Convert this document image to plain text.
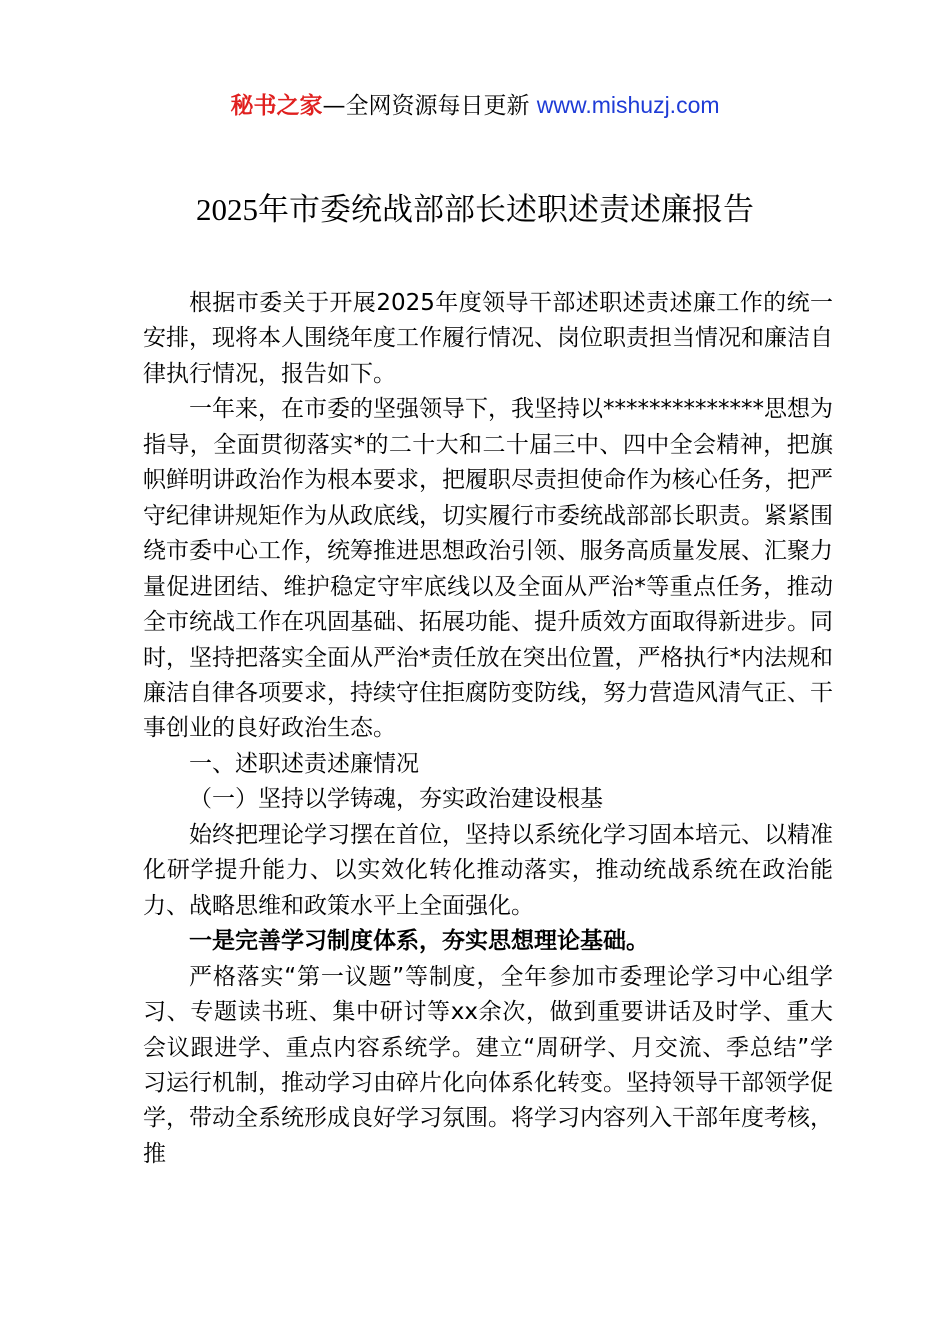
秘书之家—全网资源每日更新 www.mishuzj.com
2025年市委统战部部长述职述责述廉报告

根据市委关于开展2025年度领导干部述职述责述廉工作的统一安排，现将本人围绕年度工作履行情况、岗位职责担当情况和廉洁自律执行情况，报告如下。

一年来，在市委的坚强领导下，我坚持以**************思想为指导，全面贯彻落实*的二十大和二十届三中、四中全会精神，把旗帜鲜明讲政治作为根本要求，把履职尽责担使命作为核心任务，把严守纪律讲规矩作为从政底线，切实履行市委统战部部长职责。紧紧围绕市委中心工作，统筹推进思想政治引领、服务高质量发展、汇聚力量促进团结、维护稳定守牢底线以及全面从严治*等重点任务，推动全市统战工作在巩固基础、拓展功能、提升质效方面取得新进步。同时，坚持把落实全面从严治*责任放在突出位置，严格执行*内法规和廉洁自律各项要求，持续守住拒腐防变防线，努力营造风清气正、干事创业的良好政治生态。

一、述职述责述廉情况

（一）坚持以学铸魂，夯实政治建设根基

始终把理论学习摆在首位，坚持以系统化学习固本培元、以精准化研学提升能力、以实效化转化推动落实，推动统战系统在政治能力、战略思维和政策水平上全面强化。

一是完善学习制度体系，夯实思想理论基础。

严格落实“第一议题”等制度，全年参加市委理论学习中心组学习、专题读书班、集中研讨等xx余次，做到重要讲话及时学、重大会议跟进学、重点内容系统学。建立“周研学、月交流、季总结”学习运行机制，推动学习由碎片化向体系化转变。坚持领导干部领学促学，带动全系统形成良好学习氛围。将学习内容列入干部年度考核，推
